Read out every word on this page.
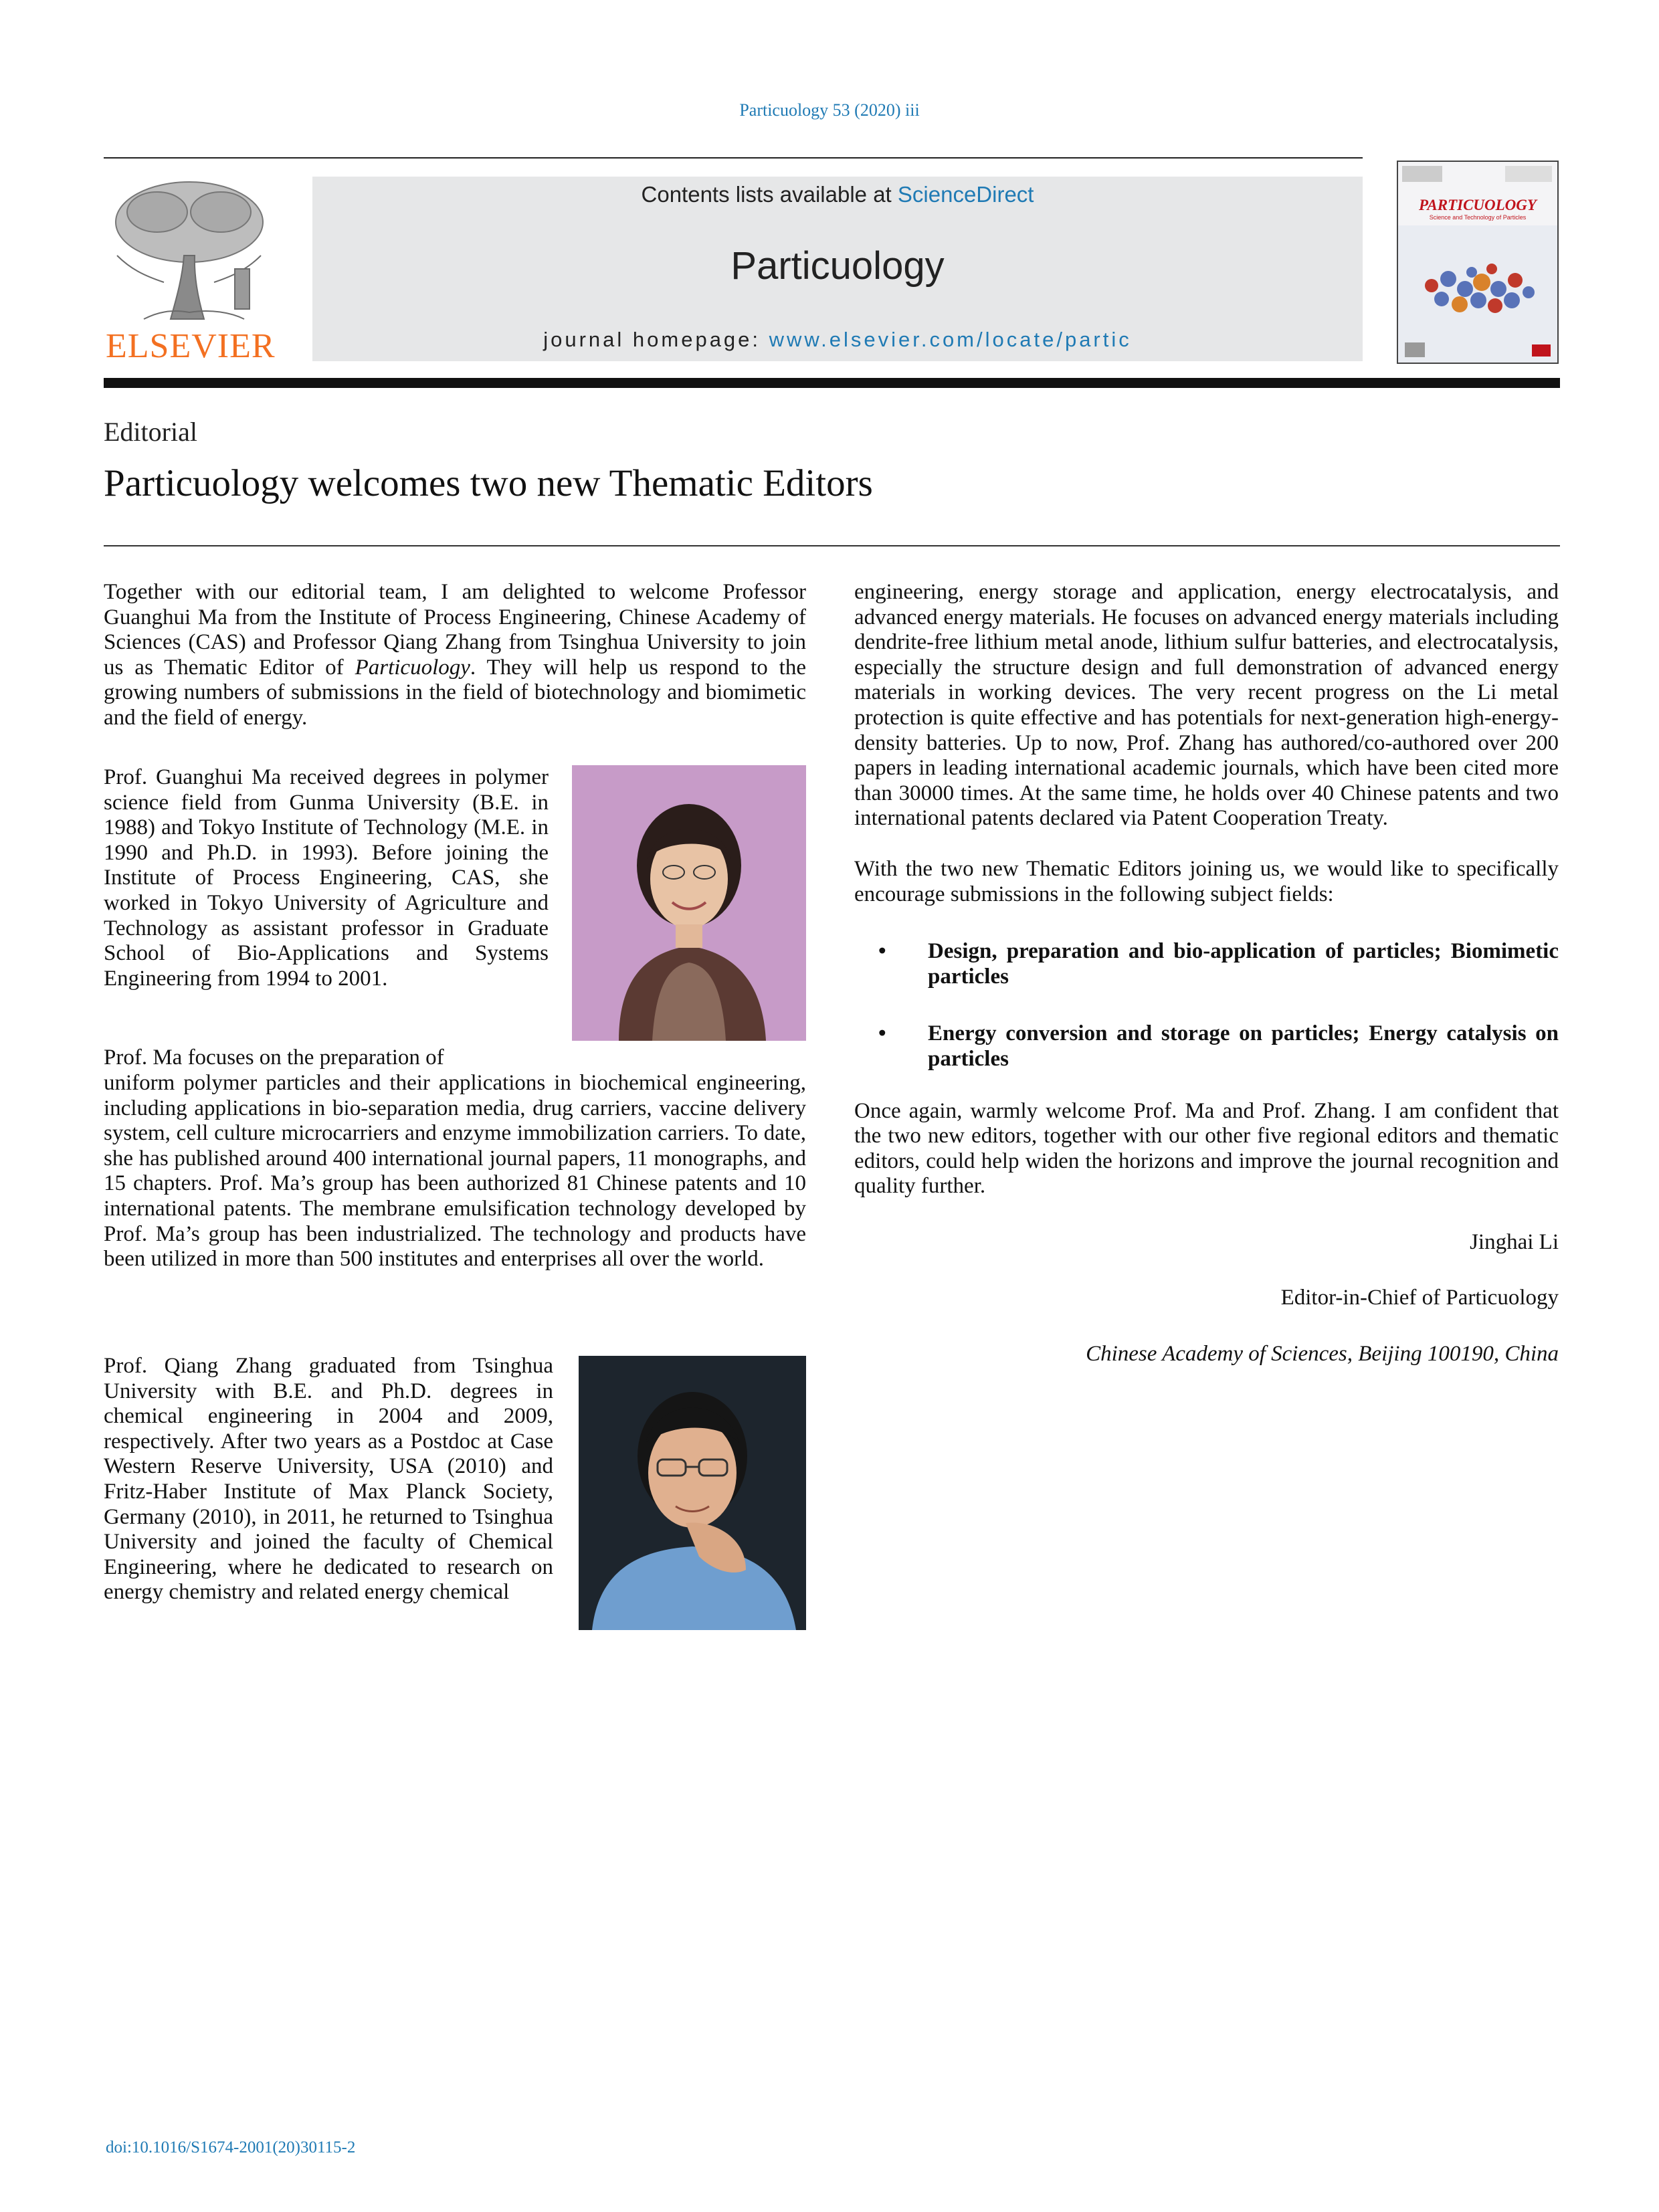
Particuology 53 (2020) iii
ELSEVIER
Contents lists available at ScienceDirect
Particuology
journal homepage: www.elsevier.com/locate/partic
PARTICUOLOGY
Science and Technology of Particles
Editorial
Particuology welcomes two new Thematic Editors

Together with our editorial team, I am delighted to welcome Professor Guanghui Ma from the Institute of Process Engineering, Chinese Academy of Sciences (CAS) and Professor Qiang Zhang from Tsinghua University to join us as Thematic Editor of Particuology. They will help us respond to the growing numbers of submissions in the field of biotechnology and biomimetic and the field of energy.

Prof. Guanghui Ma received degrees in polymer science field from Gunma University (B.E. in 1988) and Tokyo Institute of Technology (M.E. in 1990 and Ph.D. in 1993). Before joining the Institute of Process Engineering, CAS, she worked in Tokyo University of Agriculture and Technology as assistant professor in Graduate School of Bio-Applications and Systems Engineering from 1994 to 2001.

Prof. Ma focuses on the preparation of

uniform polymer particles and their applications in biochemical engineering, including applications in bio-separation media, drug carriers, vaccine delivery system, cell culture microcarriers and enzyme immobilization carriers. To date, she has published around 400 international journal papers, 11 monographs, and 15 chapters. Prof. Ma’s group has been authorized 81 Chinese patents and 10 international patents. The membrane emulsification technology developed by Prof. Ma’s group has been industrialized. The technology and products have been utilized in more than 500 institutes and enterprises all over the world.

Prof. Qiang Zhang graduated from Tsinghua University with B.E. and Ph.D. degrees in chemical engineering in 2004 and 2009, respectively. After two years as a Postdoc at Case Western Reserve University, USA (2010) and Fritz-Haber Institute of Max Planck Society, Germany (2010), in 2011, he returned to Tsinghua University and joined the faculty of Chemical Engineering, where he dedicated to research on energy chemistry and related energy chemical

engineering, energy storage and application, energy electrocatalysis, and advanced energy materials. He focuses on advanced energy materials including dendrite-free lithium metal anode, lithium sulfur batteries, and electrocatalysis, especially the structure design and full demonstration of advanced energy materials in working devices. The very recent progress on the Li metal protection is quite effective and has potentials for next-generation high-energy-density batteries. Up to now, Prof. Zhang has authored/co-authored over 200 papers in leading international academic journals, which have been cited more than 30000 times. At the same time, he holds over 40 Chinese patents and two international patents declared via Patent Cooperation Treaty.

With the two new Thematic Editors joining us, we would like to specifically encourage submissions in the following subject fields:

• Design, preparation and bio-application of particles; Biomimetic particles
• Energy conversion and storage on particles; Energy catalysis on particles

Once again, warmly welcome Prof. Ma and Prof. Zhang. I am confident that the two new editors, together with our other five regional editors and thematic editors, could help widen the horizons and improve the journal recognition and quality further.

Jinghai Li

Editor-in-Chief of Particuology

Chinese Academy of Sciences, Beijing 100190, China

doi:10.1016/S1674-2001(20)30115-2
